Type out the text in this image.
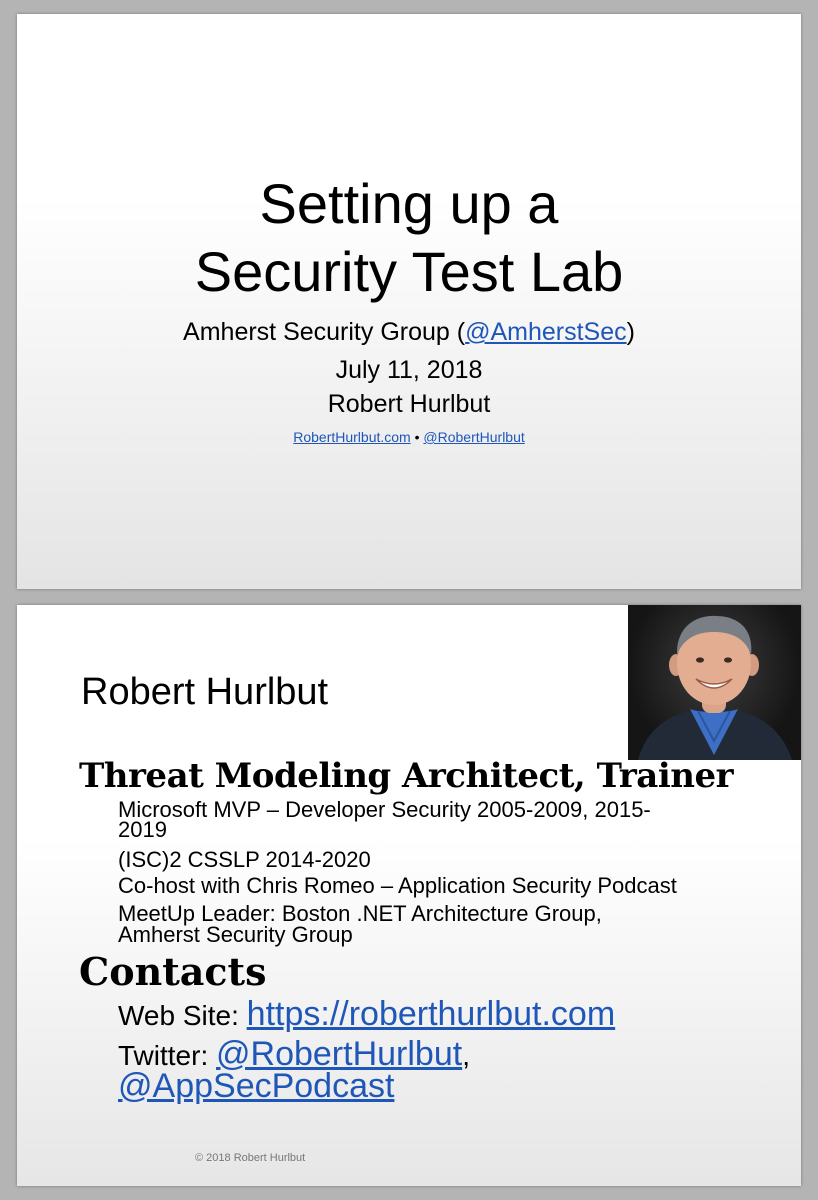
Setting up a
Security Test Lab
Amherst Security Group (@AmherstSec)
July 11, 2018
Robert Hurlbut
RobertHurlbut.com • @RobertHurlbut
Robert Hurlbut
Threat Modeling Architect, Trainer
Microsoft MVP – Developer Security 2005-2009, 2015-
2019
(ISC)2 CSSLP 2014-2020
Co-host with Chris Romeo – Application Security Podcast
MeetUp Leader: Boston .NET Architecture Group,
Amherst Security Group
Contacts
Web Site: https://roberthurlbut.com
Twitter: @RobertHurlbut,
@AppSecPodcast
© 2018 Robert Hurlbut
